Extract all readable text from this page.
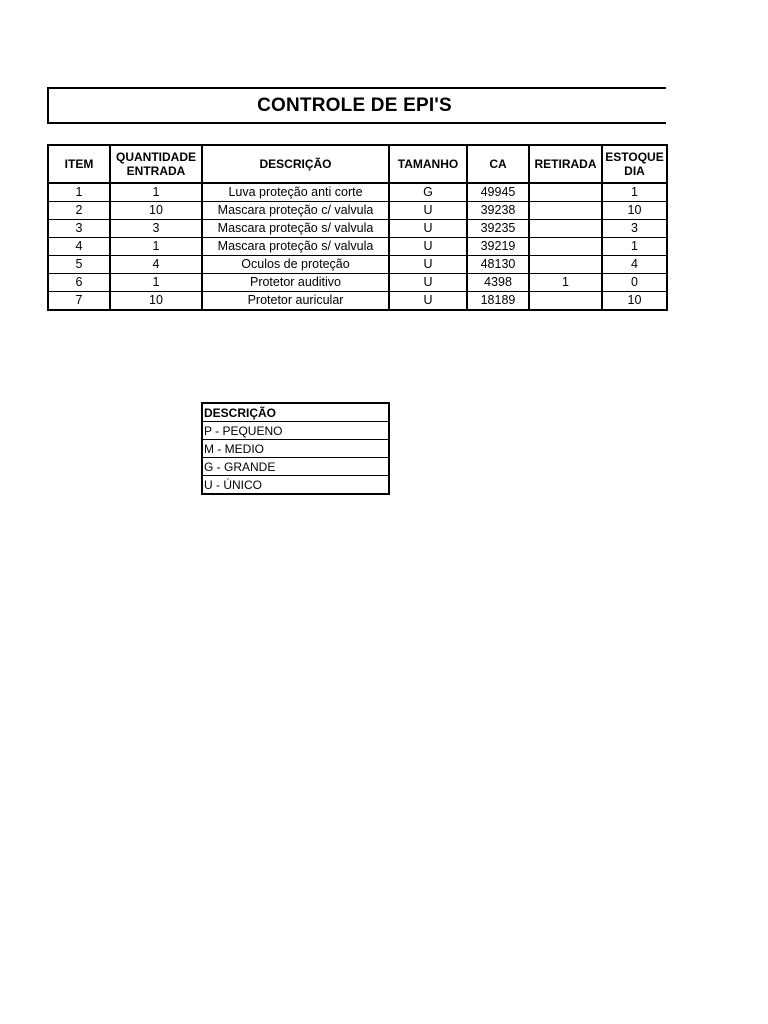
CONTROLE DE EPI'S
ITEM	QUANTIDADE ENTRADA	DESCRIÇÃO	TAMANHO	CA	RETIRADA	ESTOQUE DIA
1	1	Luva proteção anti corte	G	49945		1
2	10	Mascara proteção c/ valvula	U	39238		10
3	3	Mascara proteção s/ valvula	U	39235		3
4	1	Mascara proteção s/ valvula	U	39219		1
5	4	Oculos de proteção	U	48130		4
6	1	Protetor auditivo	U	4398	1	0
7	10	Protetor auricular	U	18189		10
DESCRIÇÃO
P - PEQUENO
M - MEDIO
G - GRANDE
U - ÚNICO
